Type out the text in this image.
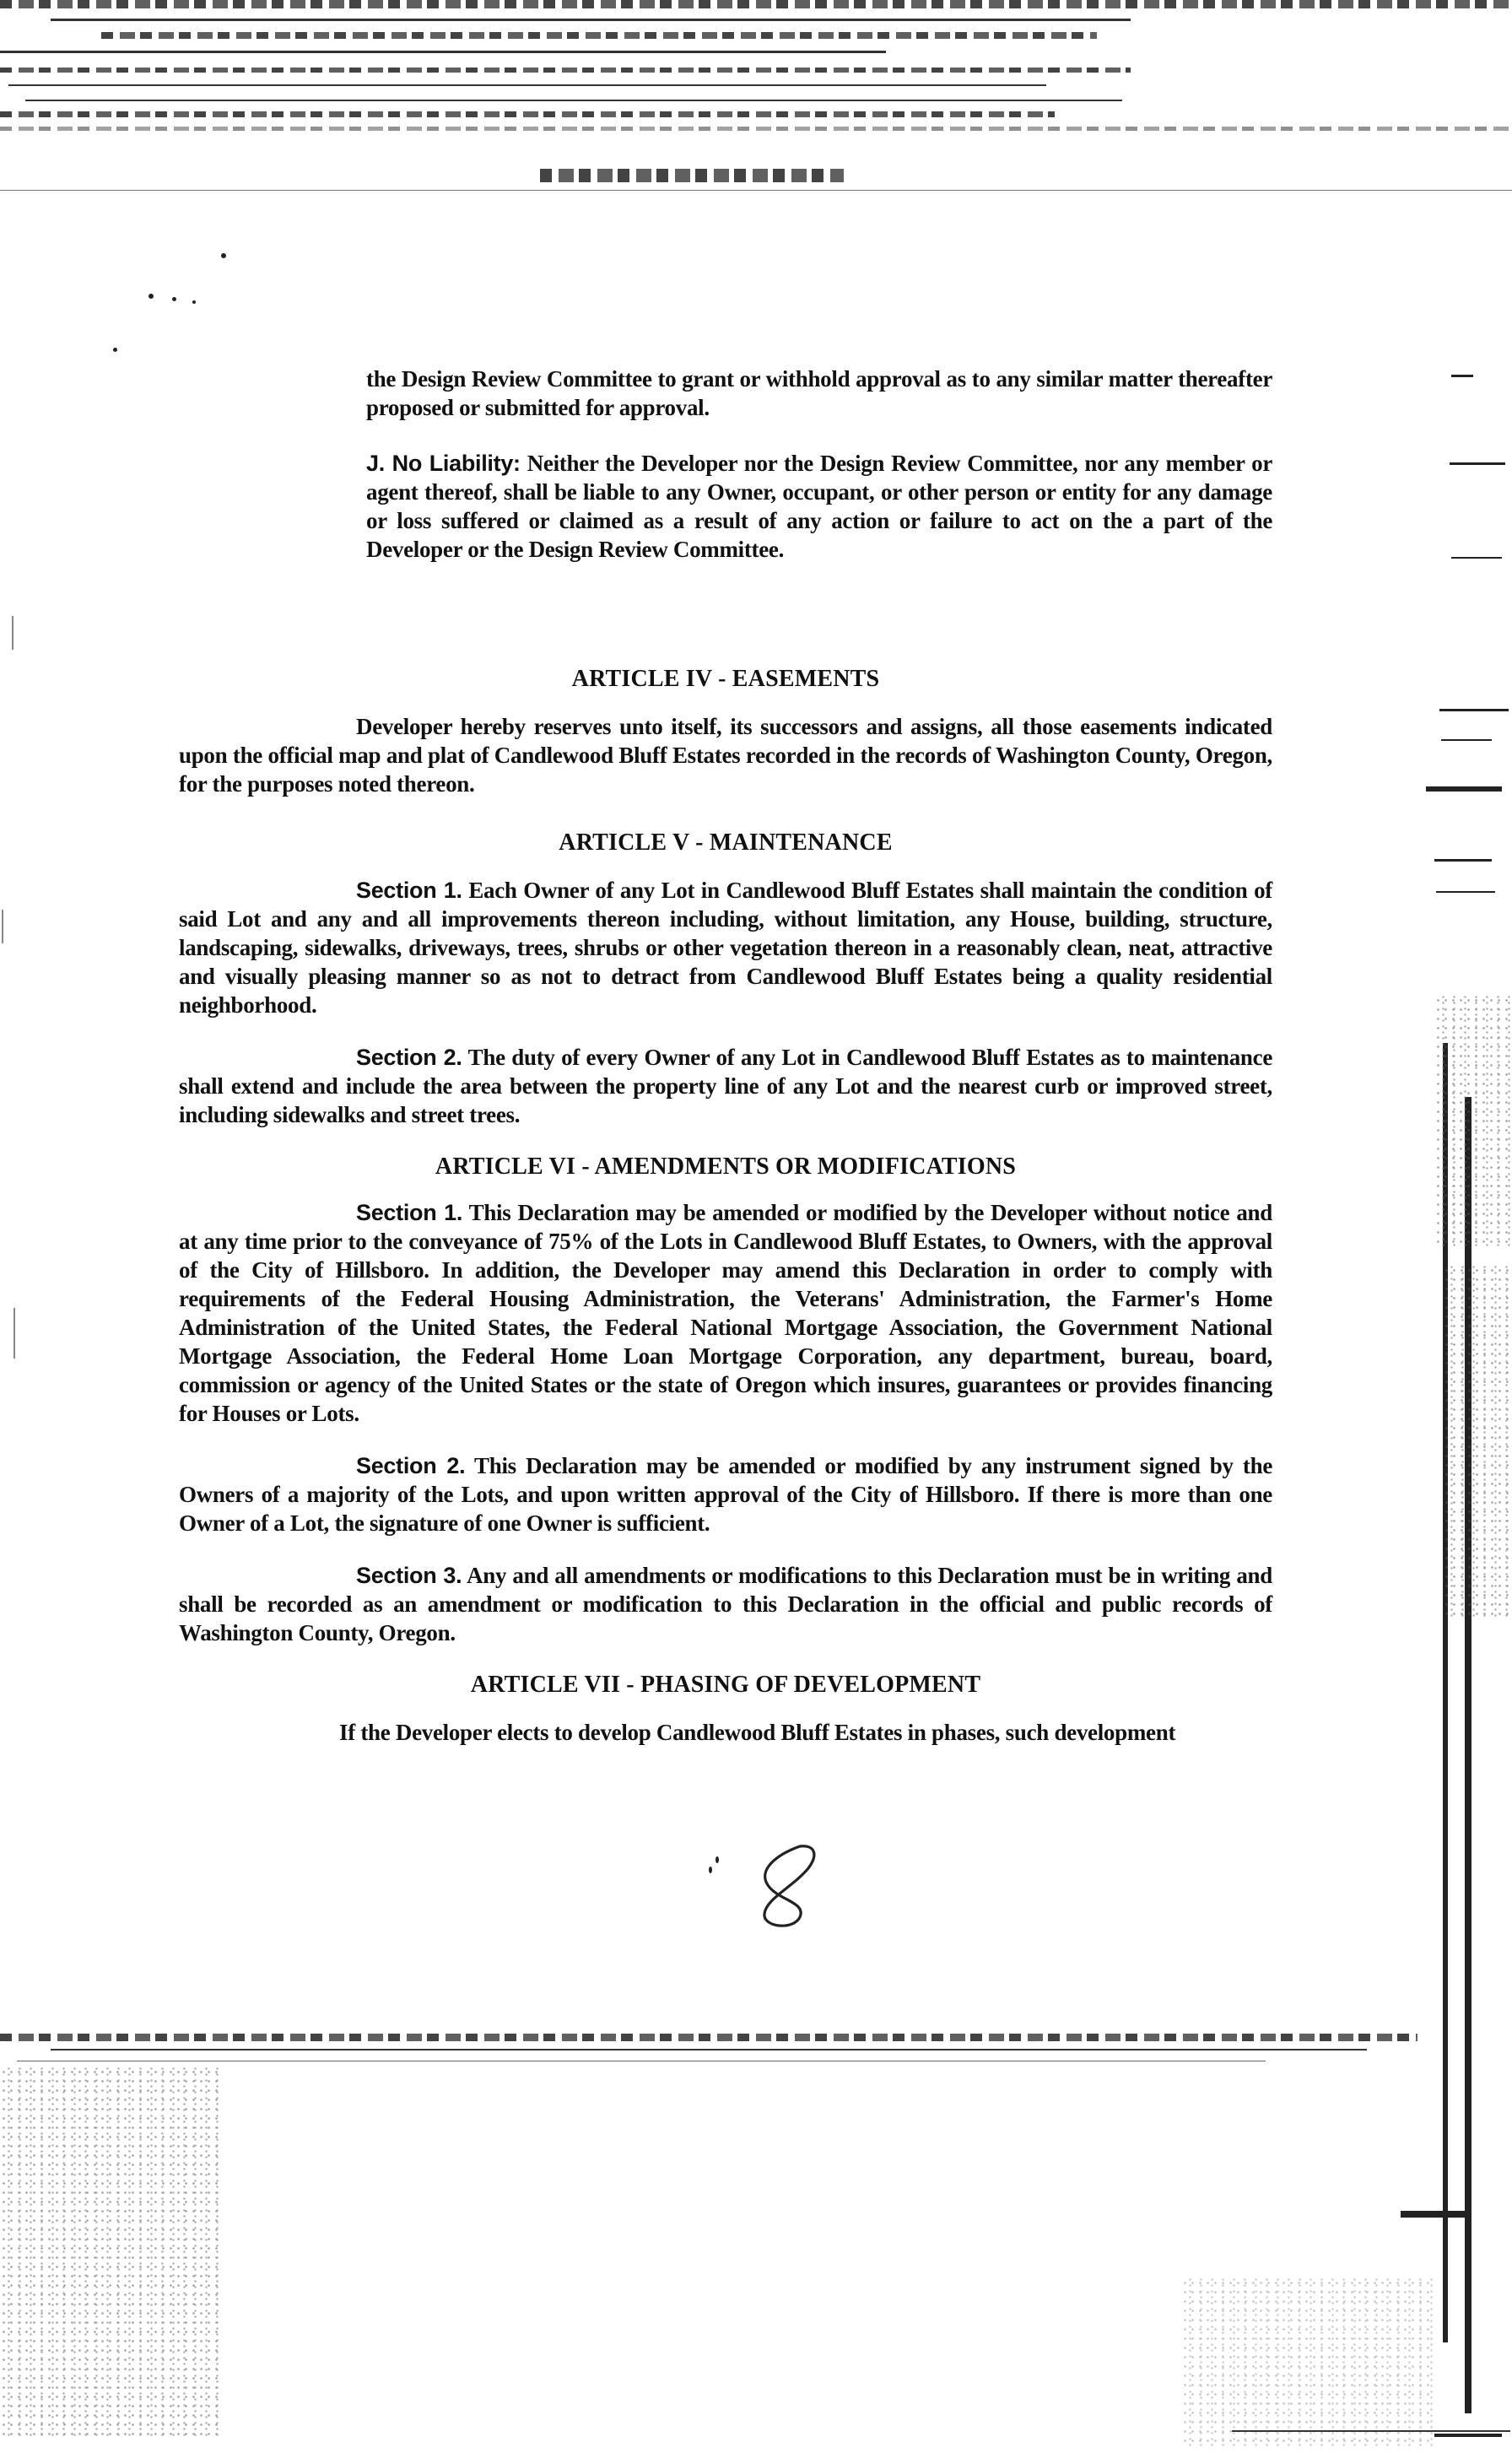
the Design Review Committee to grant or withhold approval as to any similar matter thereafter proposed or submitted for approval.

J. No Liability: Neither the Developer nor the Design Review Committee, nor any member or agent thereof, shall be liable to any Owner, occupant, or other person or entity for any damage or loss suffered or claimed as a result of any action or failure to act on the a part of the Developer or the Design Review Committee.

ARTICLE IV - EASEMENTS

Developer hereby reserves unto itself, its successors and assigns, all those easements indicated upon the official map and plat of Candlewood Bluff Estates recorded in the records of Washington County, Oregon, for the purposes noted thereon.

ARTICLE V - MAINTENANCE

Section 1. Each Owner of any Lot in Candlewood Bluff Estates shall maintain the condition of said Lot and any and all improvements thereon including, without limitation, any House, building, structure, landscaping, sidewalks, driveways, trees, shrubs or other vegetation thereon in a reasonably clean, neat, attractive and visually pleasing manner so as not to detract from Candlewood Bluff Estates being a quality residential neighborhood.

Section 2. The duty of every Owner of any Lot in Candlewood Bluff Estates as to maintenance shall extend and include the area between the property line of any Lot and the nearest curb or improved street, including sidewalks and street trees.

ARTICLE VI - AMENDMENTS OR MODIFICATIONS

Section 1. This Declaration may be amended or modified by the Developer without notice and at any time prior to the conveyance of 75% of the Lots in Candlewood Bluff Estates, to Owners, with the approval of the City of Hillsboro. In addition, the Developer may amend this Declaration in order to comply with requirements of the Federal Housing Administration, the Veterans' Administration, the Farmer's Home Administration of the United States, the Federal National Mortgage Association, the Government National Mortgage Association, the Federal Home Loan Mortgage Corporation, any department, bureau, board, commission or agency of the United States or the state of Oregon which insures, guarantees or provides financing for Houses or Lots.

Section 2. This Declaration may be amended or modified by any instrument signed by the Owners of a majority of the Lots, and upon written approval of the City of Hillsboro. If there is more than one Owner of a Lot, the signature of one Owner is sufficient.

Section 3. Any and all amendments or modifications to this Declaration must be in writing and shall be recorded as an amendment or modification to this Declaration in the official and public records of Washington County, Oregon.

ARTICLE VII - PHASING OF DEVELOPMENT

If the Developer elects to develop Candlewood Bluff Estates in phases, such development
